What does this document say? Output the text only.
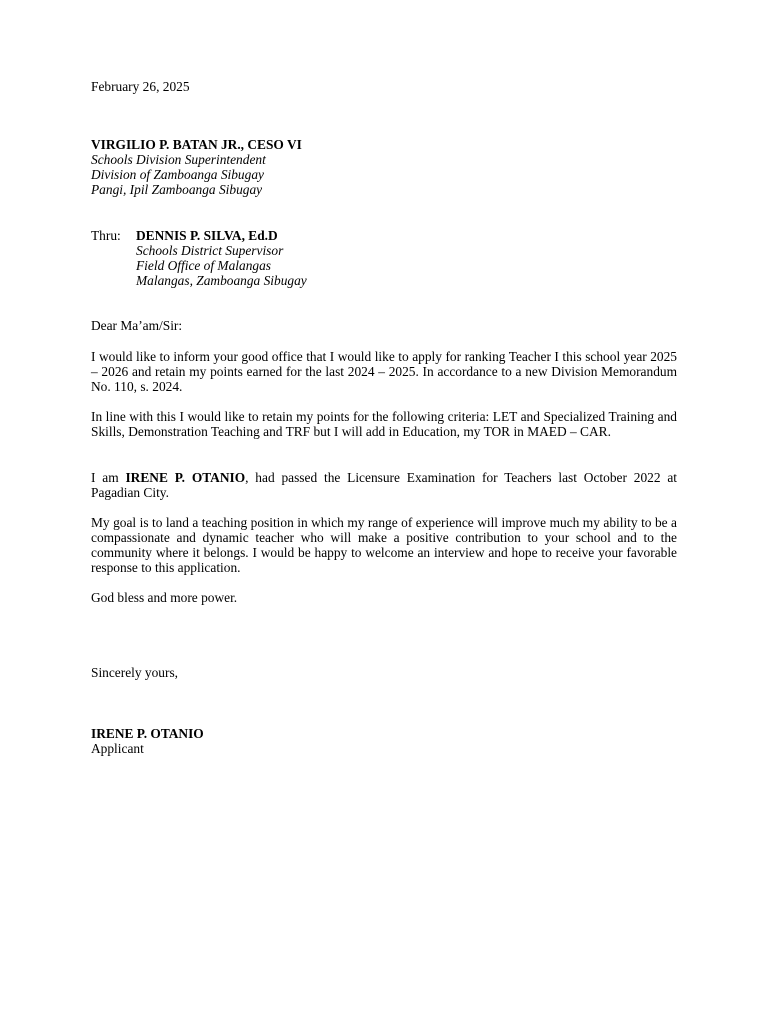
February 26, 2025
VIRGILIO P. BATAN JR., CESO VI
Schools Division Superintendent
Division of Zamboanga Sibugay
Pangi, Ipil Zamboanga Sibugay
Thru: DENNIS P. SILVA, Ed.D
Schools District Supervisor
Field Office of Malangas
Malangas, Zamboanga Sibugay
Dear Ma’am/Sir:
I would like to inform your good office that I would like to apply for ranking Teacher I this school year 2025 – 2026 and retain my points earned for the last 2024 – 2025. In accordance to a new Division Memorandum No. 110, s. 2024.
In line with this I would like to retain my points for the following criteria: LET and Specialized Training and Skills, Demonstration Teaching and TRF but I will add in Education, my TOR in MAED – CAR.
I am IRENE P. OTANIO, had passed the Licensure Examination for Teachers last October 2022 at Pagadian City.
My goal is to land a teaching position in which my range of experience will improve much my ability to be a compassionate and dynamic teacher who will make a positive contribution to your school and to the community where it belongs. I would be happy to welcome an interview and hope to receive your favorable response to this application.
God bless and more power.
Sincerely yours,
IRENE P. OTANIO
Applicant
